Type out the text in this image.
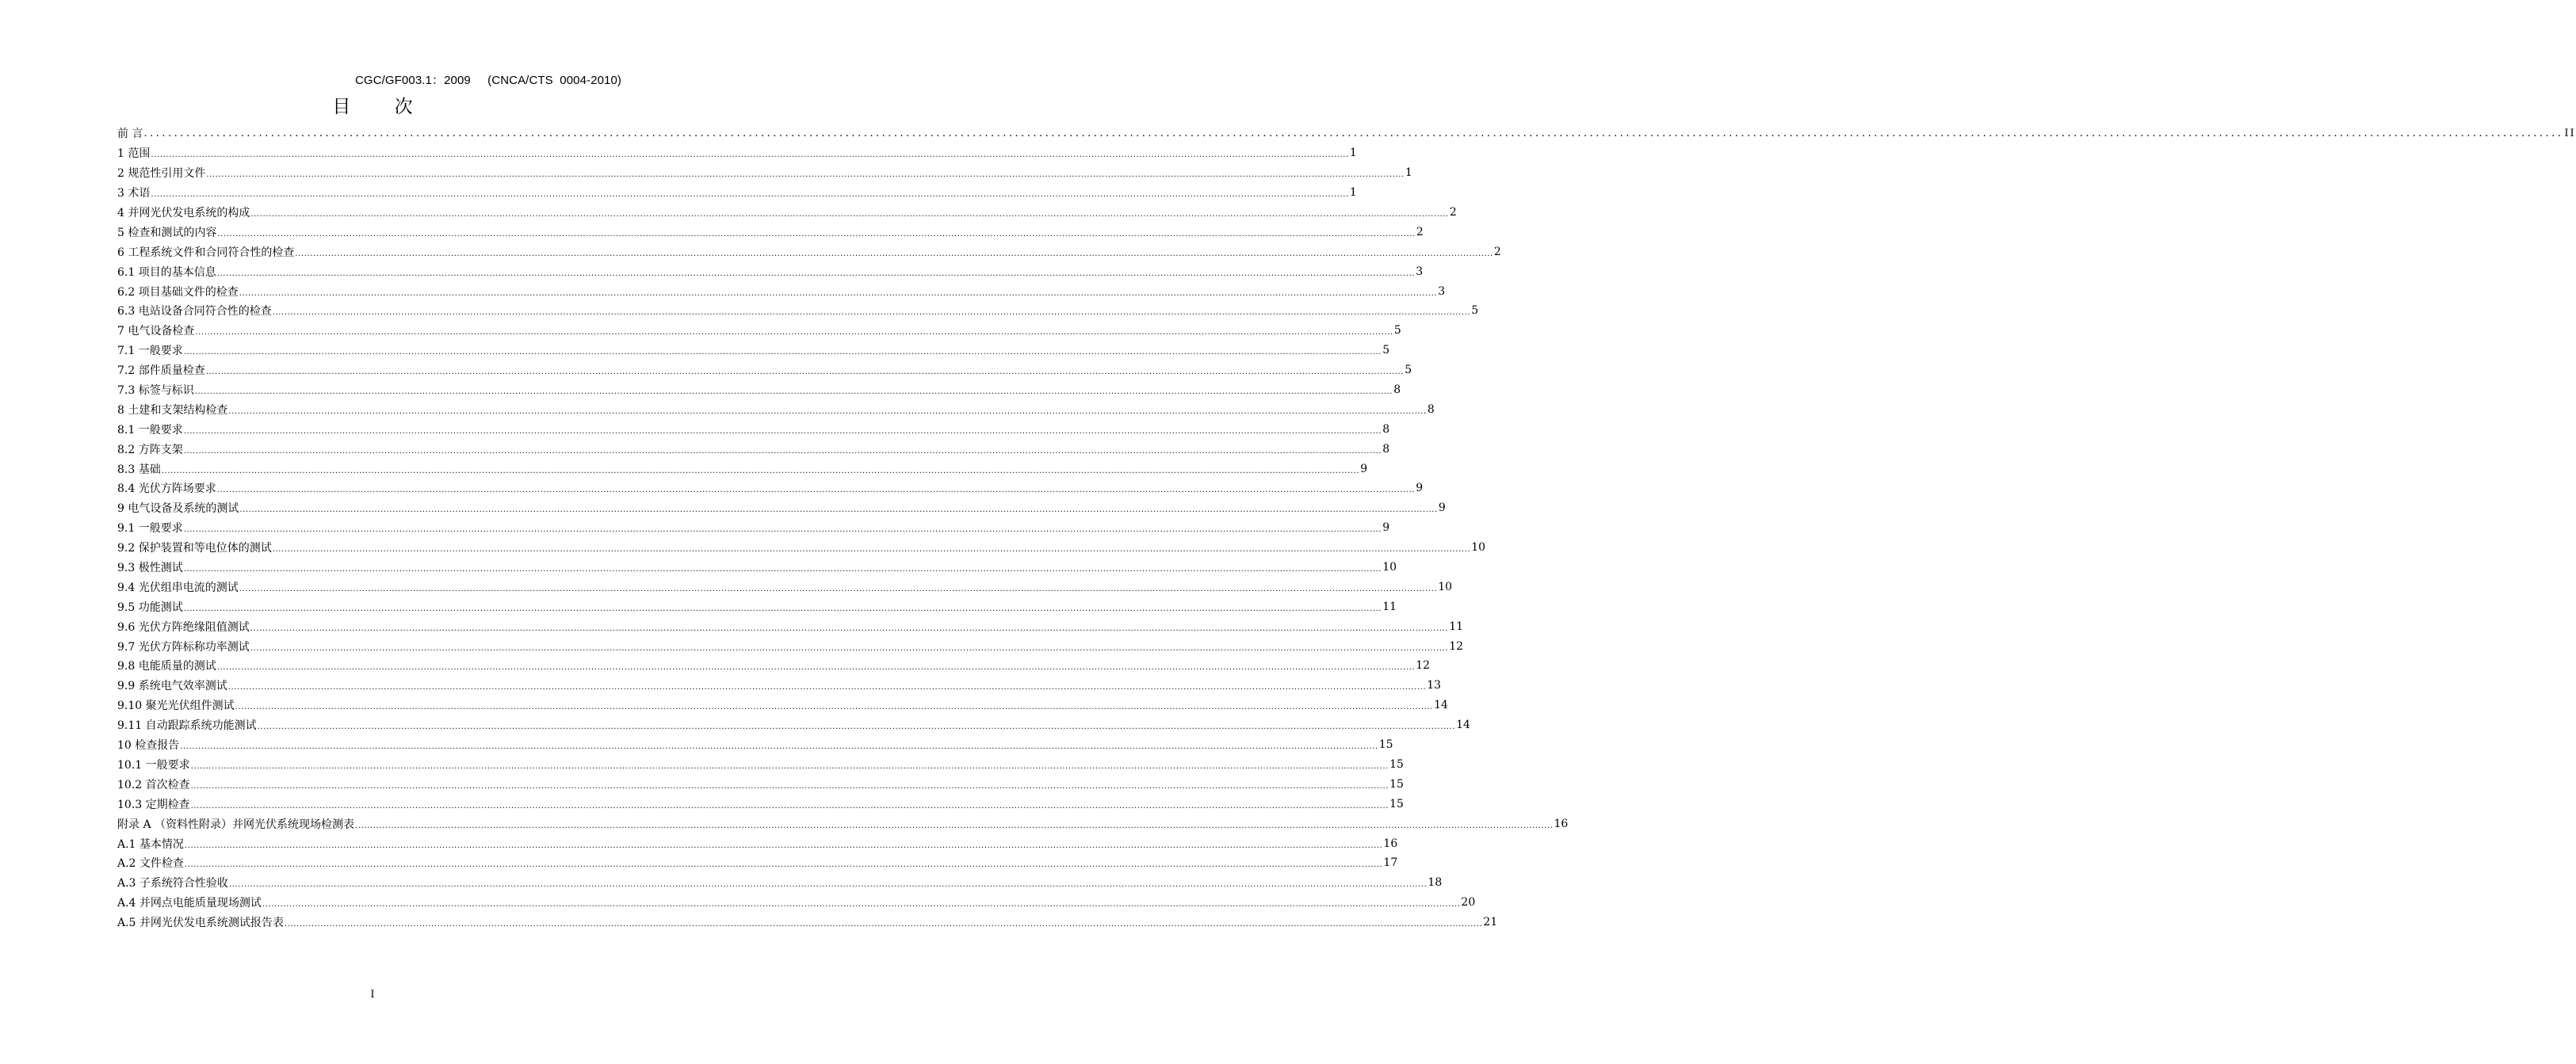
CGC/GF003.1：2009     (CNCA/CTS  0004-2010)
目 次
前 言 ................................................................................................................................................................................................................................................................................................................................................................................................................ II
1 范围 ................................................................................................................................................................................................................................................................................................................................................................................................................ 1
2 规范性引用文件 ................................................................................................................................................................................................................................................................................................................................................................................................................ 1
3 术语 ................................................................................................................................................................................................................................................................................................................................................................................................................ 1
4 并网光伏发电系统的构成 ................................................................................................................................................................................................................................................................................................................................................................................................................ 2
5 检查和测试的内容 ................................................................................................................................................................................................................................................................................................................................................................................................................ 2
6 工程系统文件和合同符合性的检查 ................................................................................................................................................................................................................................................................................................................................................................................................................ 2
6.1 项目的基本信息 ................................................................................................................................................................................................................................................................................................................................................................................................................ 3
6.2 项目基础文件的检查 ................................................................................................................................................................................................................................................................................................................................................................................................................ 3
6.3 电站设备合同符合性的检查 ................................................................................................................................................................................................................................................................................................................................................................................................................ 5
7 电气设备检查 ................................................................................................................................................................................................................................................................................................................................................................................................................ 5
7.1 一般要求 ................................................................................................................................................................................................................................................................................................................................................................................................................ 5
7.2 部件质量检查 ................................................................................................................................................................................................................................................................................................................................................................................................................ 5
7.3 标签与标识 ................................................................................................................................................................................................................................................................................................................................................................................................................ 8
8 土建和支架结构检查 ................................................................................................................................................................................................................................................................................................................................................................................................................ 8
8.1 一般要求 ................................................................................................................................................................................................................................................................................................................................................................................................................ 8
8.2 方阵支架 ................................................................................................................................................................................................................................................................................................................................................................................................................ 8
8.3 基础 ................................................................................................................................................................................................................................................................................................................................................................................................................ 9
8.4 光伏方阵场要求 ................................................................................................................................................................................................................................................................................................................................................................................................................ 9
9 电气设备及系统的测试 ................................................................................................................................................................................................................................................................................................................................................................................................................ 9
9.1 一般要求 ................................................................................................................................................................................................................................................................................................................................................................................................................ 9
9.2 保护装置和等电位体的测试 ................................................................................................................................................................................................................................................................................................................................................................................................................ 10
9.3 极性测试 ................................................................................................................................................................................................................................................................................................................................................................................................................ 10
9.4 光伏组串电流的测试 ................................................................................................................................................................................................................................................................................................................................................................................................................ 10
9.5 功能测试 ................................................................................................................................................................................................................................................................................................................................................................................................................ 11
9.6 光伏方阵绝缘阻值测试 ................................................................................................................................................................................................................................................................................................................................................................................................................ 11
9.7 光伏方阵标称功率测试 ................................................................................................................................................................................................................................................................................................................................................................................................................ 12
9.8 电能质量的测试 ................................................................................................................................................................................................................................................................................................................................................................................................................ 12
9.9 系统电气效率测试 ................................................................................................................................................................................................................................................................................................................................................................................................................ 13
9.10 聚光光伏组件测试 ................................................................................................................................................................................................................................................................................................................................................................................................................ 14
9.11 自动跟踪系统功能测试 ................................................................................................................................................................................................................................................................................................................................................................................................................ 14
10 检查报告 ................................................................................................................................................................................................................................................................................................................................................................................................................ 15
10.1 一般要求 ................................................................................................................................................................................................................................................................................................................................................................................................................ 15
10.2 首次检查 ................................................................................................................................................................................................................................................................................................................................................................................................................ 15
10.3 定期检查 ................................................................................................................................................................................................................................................................................................................................................................................................................ 15
附录 A （资料性附录）并网光伏系统现场检测表 ................................................................................................................................................................................................................................................................................................................................................................................................................ 16
A.1 基本情况 ................................................................................................................................................................................................................................................................................................................................................................................................................ 16
A.2 文件检查 ................................................................................................................................................................................................................................................................................................................................................................................................................ 17
A.3 子系统符合性验收 ................................................................................................................................................................................................................................................................................................................................................................................................................ 18
A.4 并网点电能质量现场测试 ................................................................................................................................................................................................................................................................................................................................................................................................................ 20
A.5 并网光伏发电系统测试报告表 ................................................................................................................................................................................................................................................................................................................................................................................................................ 21
I
